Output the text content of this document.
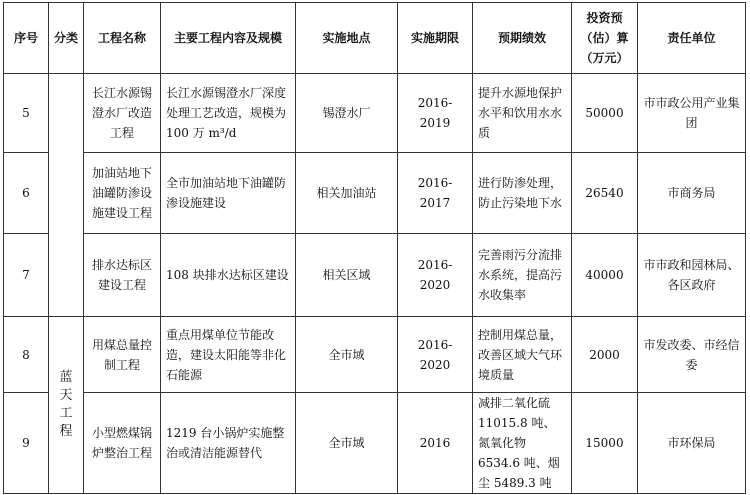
序号	分类	工程名称	主要工程内容及规模	实施地点	实施期限	预期绩效	投资预（估）算（万元）	责任单位
5		长江水源锡澄水厂改造工程	长江水源锡澄水厂深度处理工艺改造，规模为 100 万 m³/d	锡澄水厂	2016-2019	提升水源地保护水平和饮用水水质	50000	市市政公用产业集团
6		加油站地下油罐防渗设施建设工程	全市加油站地下油罐防渗设施建设	相关加油站	2016-2017	进行防渗处理，防止污染地下水	26540	市商务局
7		排水达标区建设工程	108 块排水达标区建设	相关区域	2016-2020	完善雨污分流排水系统，提高污水收集率	40000	市市政和园林局、各区政府
8	蓝天工程	用煤总量控制工程	重点用煤单位节能改造，建设太阳能等非化石能源	全市域	2016-2020	控制用煤总量，改善区域大气环境质量	2000	市发改委、市经信委
9		小型燃煤锅炉整治工程	1219 台小锅炉实施整治或清洁能源替代	全市域	2016	减排二氧化硫 11015.8 吨、氮氧化物 6534.6 吨、烟尘 5489.3 吨	15000	市环保局
